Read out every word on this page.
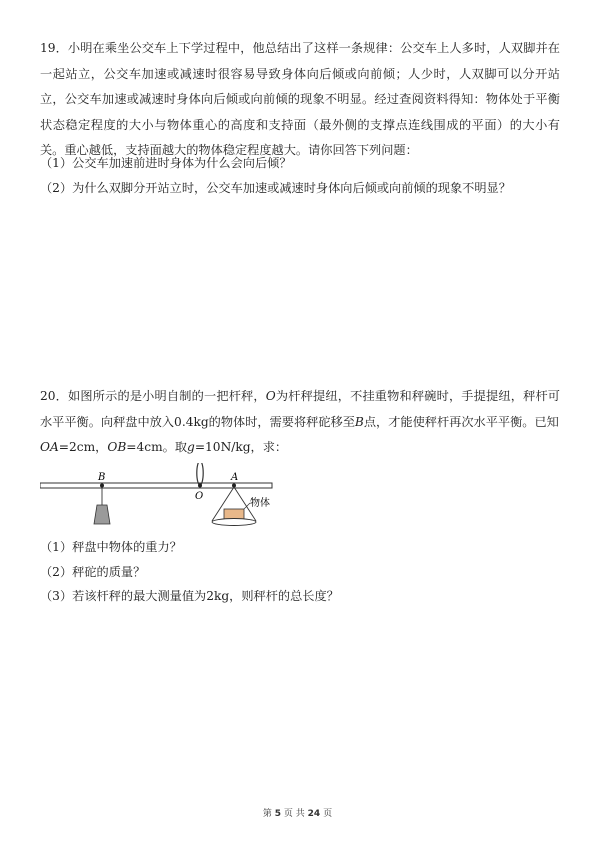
19．小明在乘坐公交车上下学过程中，他总结出了这样一条规律：公交车上人多时，人双脚并在一起站立，公交车加速或减速时很容易导致身体向后倾或向前倾；人少时，人双脚可以分开站立，公交车加速或减速时身体向后倾或向前倾的现象不明显。经过查阅资料得知：物体处于平衡状态稳定程度的大小与物体重心的高度和支持面（最外侧的支撑点连线围成的平面）的大小有关。重心越低，支持面越大的物体稳定程度越大。请你回答下列问题：

（1）公交车加速前进时身体为什么会向后倾？
（2）为什么双脚分开站立时，公交车加速或减速时身体向后倾或向前倾的现象不明显？

20．如图所示的是小明自制的一把杆秤，O为杆秤提纽，不挂重物和秤碗时，手提提纽，秤杆可水平平衡。向秤盘中放入0.4kg的物体时，需要将秤砣移至B点，才能使秤杆再次水平平衡。已知
OA=2cm，OB=4cm。取g=10N/kg，求：

B
O
A
物体
（1）秤盘中物体的重力？
（2）秤砣的质量？
（3）若该杆秤的最大测量值为2kg，则秤杆的总长度？
第 5 页 共 24 页
